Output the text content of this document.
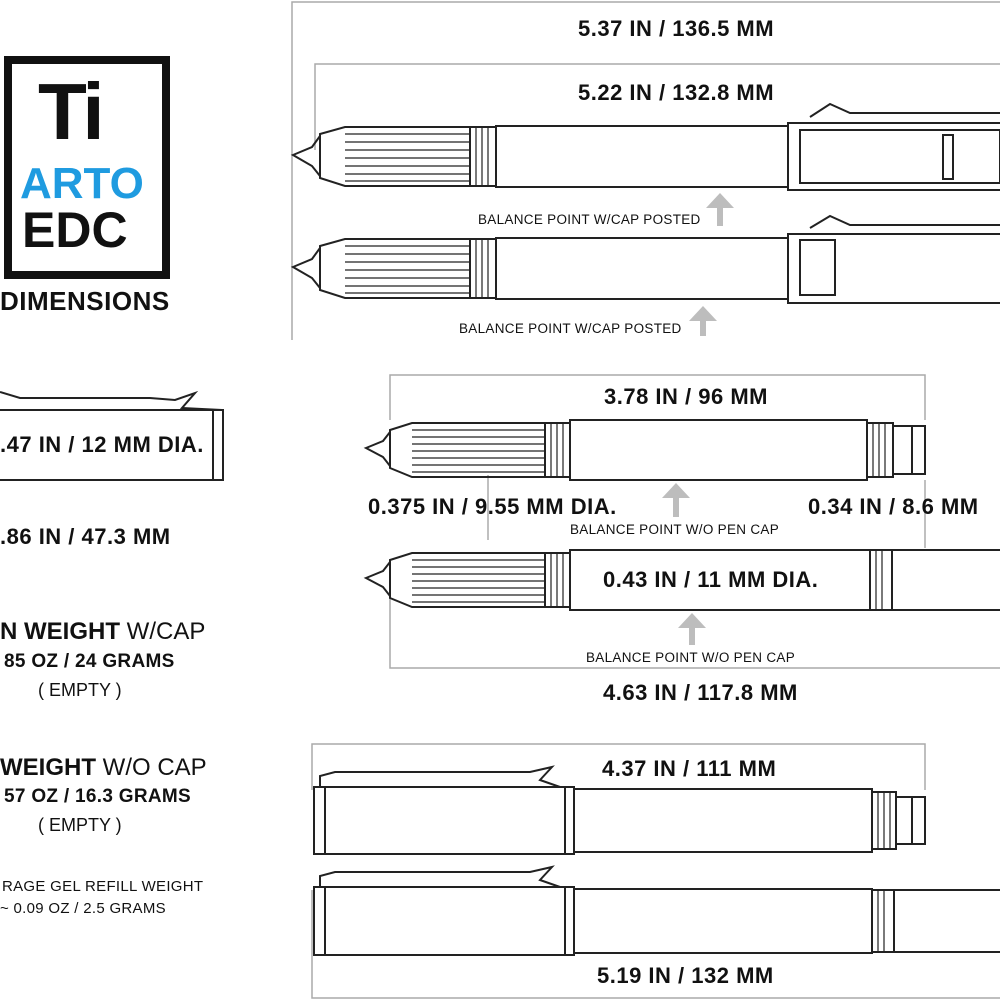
Ti
ARTO
EDC
DIMENSIONS
5.37 IN / 136.5 MM
5.22 IN / 132.8 MM
BALANCE POINT W/CAP POSTED
BALANCE POINT W/CAP POSTED
.47 IN / 12 MM DIA.
.86 IN / 47.3 MM
3.78 IN / 96 MM
0.375 IN / 9.55 MM DIA.	0.34 IN / 8.6 MM
BALANCE POINT W/O PEN CAP
0.43 IN / 11 MM DIA.
BALANCE POINT W/O PEN CAP
4.63 IN / 117.8 MM
4.37 IN / 111 MM
5.19 IN / 132 MM
N WEIGHT W/CAP
85 OZ / 24 GRAMS
( EMPTY )
WEIGHT W/O CAP
57 OZ / 16.3 GRAMS
( EMPTY )
RAGE GEL REFILL WEIGHT
~ 0.09 OZ / 2.5 GRAMS
